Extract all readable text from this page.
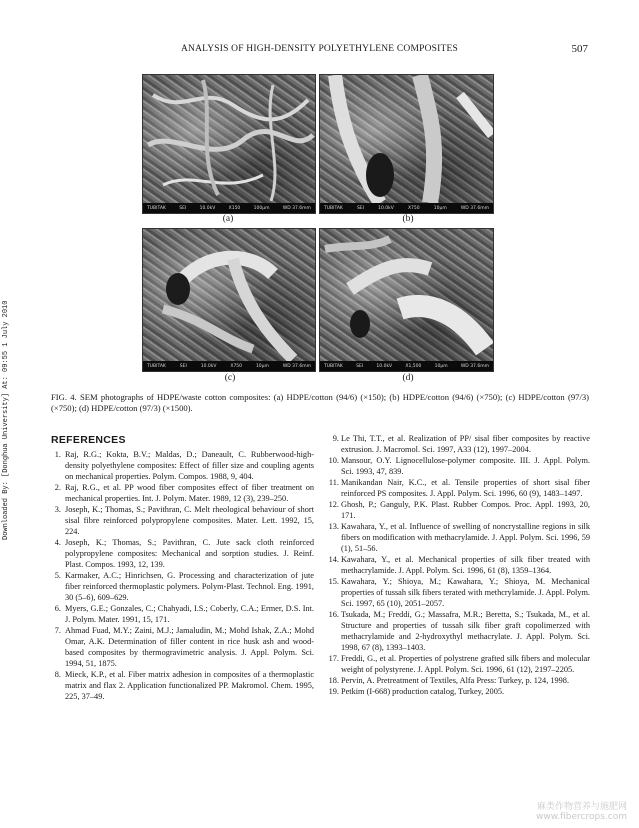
ANALYSIS OF HIGH-DENSITY POLYETHYLENE COMPOSITES	507
Downloaded By: [Donghua University] At: 09:55 1 July 2010
TUBITAK	SEI	10.0kV	X150	100µm	WD 37.6mm
(a)
TUBITAK	SEI	10.0kV	X750	10µm	WD 37.6mm
(b)
TUBITAK	SEI	10.0kV	X750	10µm	WD 37.6mm
(c)
TUBITAK	SEI	10.0kV	X1,500	10µm	WD 37.6mm
(d)
FIG. 4. SEM photographs of HDPE/waste cotton composites: (a) HDPE/cotton (94/6) (×150); (b) HDPE/cotton (94/6) (×750); (c) HDPE/cotton (97/3) (×750); (d) HDPE/cotton (97/3) (×1500).
REFERENCES
1. Raj, R.G.; Kokta, B.V.; Maldas, D.; Daneault, C. Rubberwood-high-density polyethylene composites: Effect of filler size and coupling agents on mechanical properties. Polym. Compos. 1988, 9, 404.
2. Raj, R.G., et al. PP wood fiber composites effect of fiber treatment on mechanical properties. Int. J. Polym. Mater. 1989, 12 (3), 239–250.
3. Joseph, K.; Thomas, S.; Pavithran, C. Melt rheological behaviour of short sisal fibre reinforced polypropylene composites. Mater. Lett. 1992, 15, 224.
4. Joseph, K.; Thomas, S.; Pavithran, C. Jute sack cloth reinforced polypropylene composites: Mechanical and sorption studies. J. Reinf. Plast. Compos. 1993, 12, 139.
5. Karmaker, A.C.; Hinrichsen, G. Processing and characterization of jute fiber reinforced thermoplastic polymers. Polym-Plast. Technol. Eng. 1991, 30 (5–6), 609–629.
6. Myers, G.E.; Gonzales, C.; Chahyadi, I.S.; Coberly, C.A.; Ermer, D.S. Int. J. Polym. Mater. 1991, 15, 171.
7. Ahmad Fuad, M.Y.; Zaini, M.J.; Jamaludin, M.; Mohd Ishak, Z.A.; Mohd Omar, A.K. Determination of filler content in rice husk ash and wood-based composites by thermogravimetric analysis. J. Appl. Polym. Sci. 1994, 51, 1875.
8. Mieck, K.P., et al. Fiber matrix adhesion in composites of a thermoplastic matrix and flax 2. Application functionalized PP. Makromol. Chem. 1995, 225, 37–49.
9. Le Thi, T.T., et al. Realization of PP/ sisal fiber composites by reactive extrusion. J. Macromol. Sci. 1997, A33 (12), 1997–2004.
10. Mansour, O.Y. Lignocellulose-polymer composite. III. J. Appl. Polym. Sci. 1993, 47, 839.
11. Manikandan Nair, K.C., et al. Tensile properties of short sisal fiber reinforced PS composites. J. Appl. Polym. Sci. 1996, 60 (9), 1483–1497.
12. Ghosh, P.; Ganguly, P.K. Plast. Rubber Compos. Proc. Appl. 1993, 20, 171.
13. Kawahara, Y., et al. Influence of swelling of noncrystalline regions in silk fibers on modification with methacrylamide. J. Appl. Polym. Sci. 1996, 59 (1), 51–56.
14. Kawahara, Y., et al. Mechanical properties of silk fiber treated with methacrylamide. J. Appl. Polym. Sci. 1996, 61 (8), 1359–1364.
15. Kawahara, Y.; Shioya, M.; Kawahara, Y.; Shioya, M. Mechanical properties of tussah silk fibers terated with methcrylamide. J. Appl. Polym. Sci. 1997, 65 (10), 2051–2057.
16. Tsukada, M.; Freddi, G.; Massafra, M.R.; Beretta, S.; Tsukada, M., et al. Structure and properties of tussah silk fiber graft copolimerzed with methacrylamide and 2-hydroxythyl methacrylate. J. Appl. Polym. Sci. 1998, 67 (8), 1393–1403.
17. Freddi, G., et al. Properties of polystrene grafted silk fibers and molecular weight of polystyrene. J. Appl. Polym. Sci. 1996, 61 (12), 2197–2205.
18. Pervin, A. Pretreatment of Textiles, Alfa Press: Turkey, p. 124, 1998.
19. Petkim (I-668) production catalog, Turkey, 2005.
麻类作物营养与施肥网
www.fibercrops.com
